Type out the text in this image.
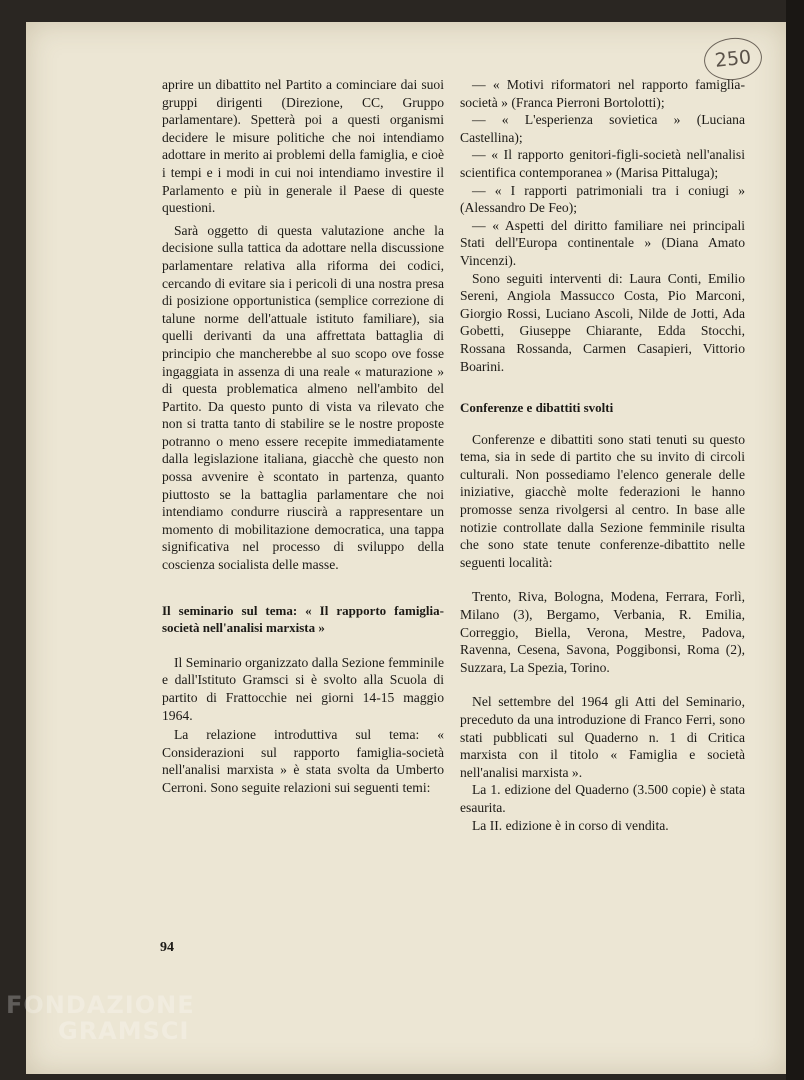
250

aprire un dibattito nel Partito a cominciare dai suoi gruppi dirigenti (Direzione, CC, Gruppo parlamentare). Spetterà poi a questi organismi decidere le misure politiche che noi intendiamo adottare in merito ai problemi della famiglia, e cioè i tempi e i modi in cui noi intendiamo investire il Parlamento e più in generale il Paese di queste questioni.

Sarà oggetto di questa valutazione anche la decisione sulla tattica da adottare nella discussione parlamentare relativa alla riforma dei codici, cercando di evitare sia i pericoli di una nostra presa di posizione opportunistica (semplice correzione di talune norme dell'attuale istituto familiare), sia quelli derivanti da una affrettata battaglia di principio che mancherebbe al suo scopo ove fosse ingaggiata in assenza di una reale « maturazione » di questa problematica almeno nell'ambito del Partito. Da questo punto di vista va rilevato che non si tratta tanto di stabilire se le nostre proposte potranno o meno essere recepite immediatamente dalla legislazione italiana, giacchè che questo non possa avvenire è scontato in partenza, quanto piuttosto se la battaglia parlamentare che noi intendiamo condurre riuscirà a rappresentare un momento di mobilitazione democratica, una tappa significativa nel processo di sviluppo della coscienza socialista delle masse.

Il seminario sul tema: « Il rapporto famiglia-società nell'analisi marxista »

Il Seminario organizzato dalla Sezione femminile e dall'Istituto Gramsci si è svolto alla Scuola di partito di Frattocchie nei giorni 14-15 maggio 1964.

La relazione introduttiva sul tema: « Considerazioni sul rapporto famiglia-società nell'analisi marxista » è stata svolta da Umberto Cerroni. Sono seguite relazioni sui seguenti temi:

— « Motivi riformatori nel rapporto famiglia-società » (Franca Pierroni Bortolotti);

— « L'esperienza sovietica » (Luciana Castellina);

— « Il rapporto genitori-figli-società nell'analisi scientifica contemporanea » (Marisa Pittaluga);

— « I rapporti patrimoniali tra i coniugi » (Alessandro De Feo);

— « Aspetti del diritto familiare nei principali Stati dell'Europa continentale » (Diana Amato Vincenzi).

Sono seguiti interventi di: Laura Conti, Emilio Sereni, Angiola Massucco Costa, Pio Marconi, Giorgio Rossi, Luciano Ascoli, Nilde de Jotti, Ada Gobetti, Giuseppe Chiarante, Edda Stocchi, Rossana Rossanda, Carmen Casapieri, Vittorio Boarini.

Conferenze e dibattiti svolti

Conferenze e dibattiti sono stati tenuti su questo tema, sia in sede di partito che su invito di circoli culturali. Non possediamo l'elenco generale delle iniziative, giacchè molte federazioni le hanno promosse senza rivolgersi al centro. In base alle notizie controllate dalla Sezione femminile risulta che sono state tenute conferenze-dibattito nelle seguenti località:

Trento, Riva, Bologna, Modena, Ferrara, Forlì, Milano (3), Bergamo, Verbania, R. Emilia, Correggio, Biella, Verona, Mestre, Padova, Ravenna, Cesena, Savona, Poggibonsi, Roma (2), Suzzara, La Spezia, Torino.

Nel settembre del 1964 gli Atti del Seminario, preceduto da una introduzione di Franco Ferri, sono stati pubblicati sul Quaderno n. 1 di Critica marxista con il titolo « Famiglia e società nell'analisi marxista ».

La 1. edizione del Quaderno (3.500 copie) è stata esaurita.

La II. edizione è in corso di vendita.

94
FONDAZIONE
GRAMSCI
